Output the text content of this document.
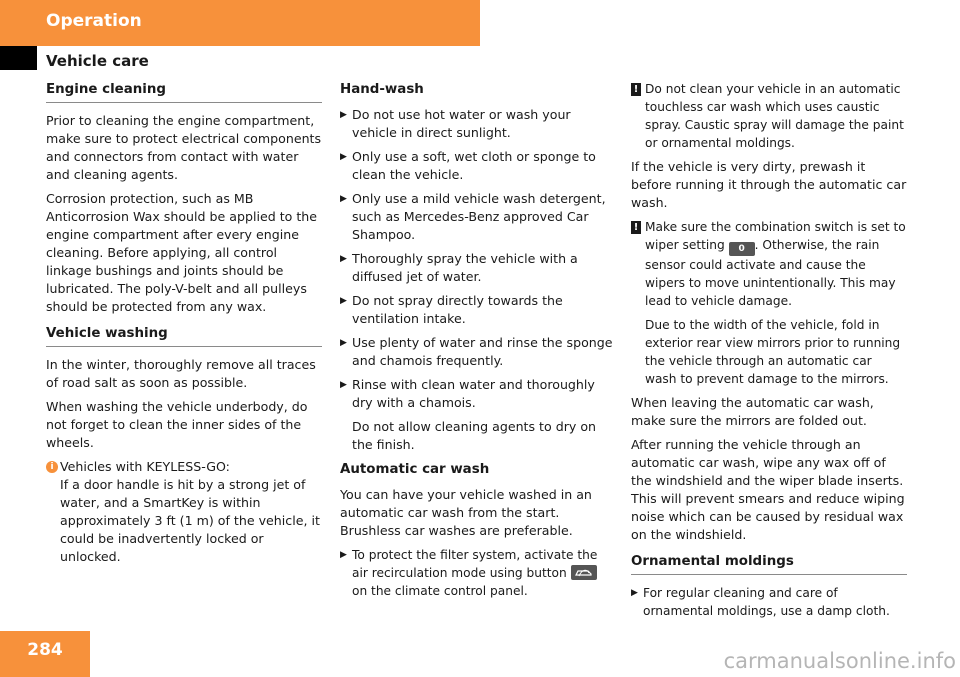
Operation
Vehicle care
Engine cleaning

Prior to cleaning the engine compartment, make sure to protect electrical components and connectors from contact with water and cleaning agents.

Corrosion protection, such as MB Anticorrosion Wax should be applied to the engine compartment after every engine cleaning. Before applying, all control linkage bushings and joints should be lubricated. The poly-V-belt and all pulleys should be protected from any wax.

Vehicle washing

In the winter, thoroughly remove all traces of road salt as soon as possible.

When washing the vehicle underbody, do not forget to clean the inner sides of the wheels.

i Vehicles with KEYLESS-GO:
If a door handle is hit by a strong jet of water, and a SmartKey is within approximately 3 ft (1 m) of the vehicle, it could be inadvertently locked or unlocked.
Hand-wash
▶ Do not use hot water or wash your vehicle in direct sunlight.
▶ Only use a soft, wet cloth or sponge to clean the vehicle.
▶ Only use a mild vehicle wash detergent, such as Mercedes-Benz approved Car Shampoo.
▶ Thoroughly spray the vehicle with a diffused jet of water.
▶ Do not spray directly towards the ventilation intake.
▶ Use plenty of water and rinse the sponge and chamois frequently.
▶ Rinse with clean water and thoroughly dry with a chamois.

Do not allow cleaning agents to dry on the finish.

Automatic car wash

You can have your vehicle washed in an automatic car wash from the start. Brushless car washes are preferable.

▶ To protect the filter system, activate the air recirculation mode using button
on the climate control panel.
! Do not clean your vehicle in an automatic touchless car wash which uses caustic spray. Caustic spray will damage the paint or ornamental moldings.

If the vehicle is very dirty, prewash it before running it through the automatic car wash.

! Make sure the combination switch is set to wiper setting 0 . Otherwise, the rain sensor could activate and cause the wipers to move unintentionally. This may lead to vehicle damage.

Due to the width of the vehicle, fold in exterior rear view mirrors prior to running the vehicle through an automatic car wash to prevent damage to the mirrors.

When leaving the automatic car wash, make sure the mirrors are folded out.

After running the vehicle through an automatic car wash, wipe any wax off of the windshield and the wiper blade inserts. This will prevent smears and reduce wiping noise which can be caused by residual wax on the windshield.

Ornamental moldings
▶ For regular cleaning and care of ornamental moldings, use a damp cloth.
284	carmanualsonline.info
